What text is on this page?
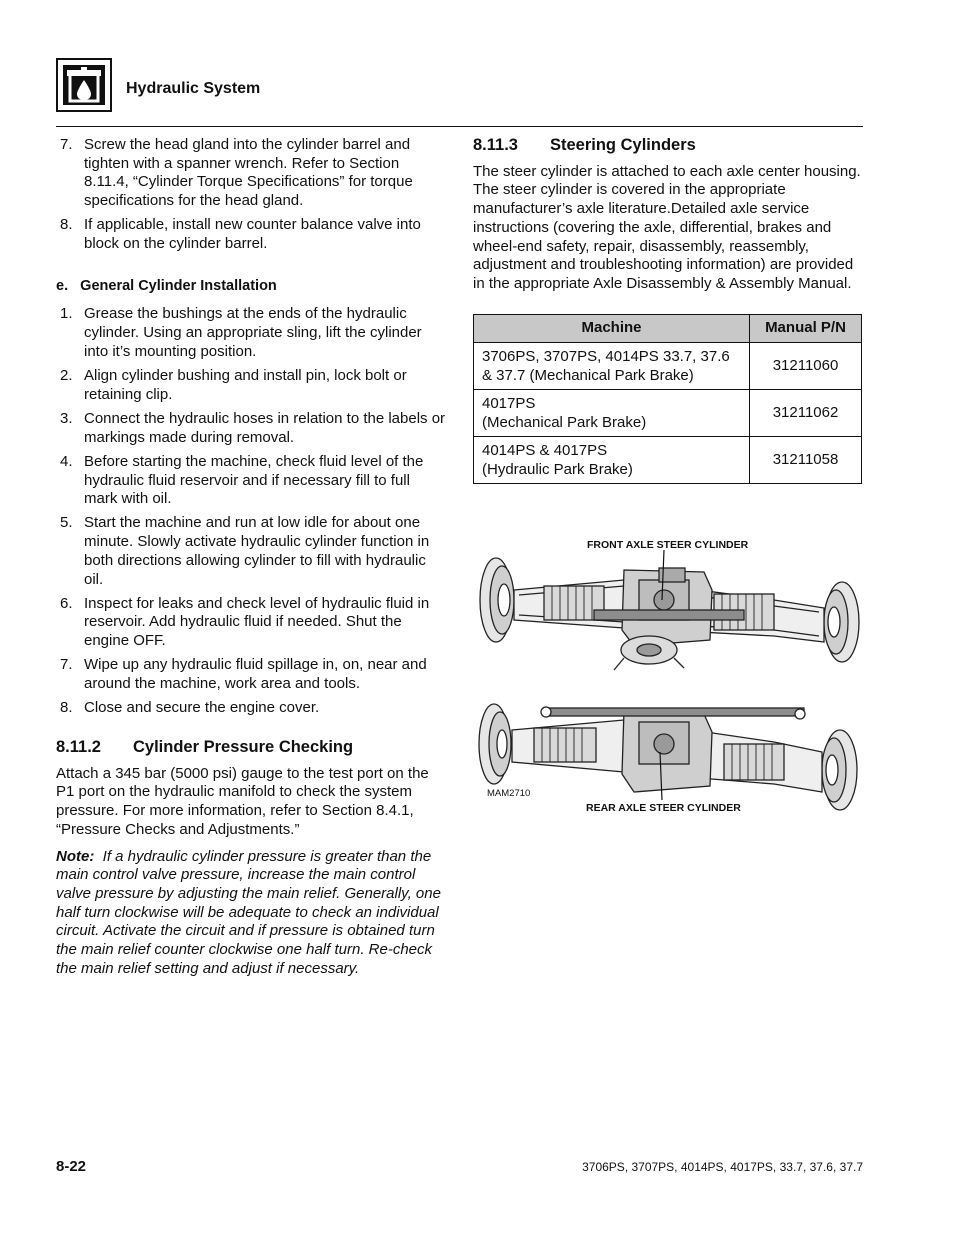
Hydraulic System
7. Screw the head gland into the cylinder barrel and tighten with a spanner wrench. Refer to Section 8.11.4, “Cylinder Torque Specifications” for torque specifications for the head gland.
8. If applicable, install new counter balance valve into block on the cylinder barrel.
e.   General Cylinder Installation
1. Grease the bushings at the ends of the hydraulic cylinder. Using an appropriate sling, lift the cylinder into it’s mounting position.
2. Align cylinder bushing and install pin, lock bolt or retaining clip.
3. Connect the hydraulic hoses in relation to the labels or markings made during removal.
4. Before starting the machine, check fluid level of the hydraulic fluid reservoir and if necessary fill to full mark with oil.
5. Start the machine and run at low idle for about one minute. Slowly activate hydraulic cylinder function in both directions allowing cylinder to fill with hydraulic oil.
6. Inspect for leaks and check level of hydraulic fluid in reservoir. Add hydraulic fluid if needed. Shut the engine OFF.
7. Wipe up any hydraulic fluid spillage in, on, near and around the machine, work area and tools.
8. Close and secure the engine cover.
8.11.2 Cylinder Pressure Checking

Attach a 345 bar (5000 psi) gauge to the test port on the P1 port on the hydraulic manifold to check the system pressure. For more information, refer to Section 8.4.1, “Pressure Checks and Adjustments.”

Note: If a hydraulic cylinder pressure is greater than the main control valve pressure, increase the main control valve pressure by adjusting the main relief. Generally, one half turn clockwise will be adequate to check an individual circuit. Activate the circuit and if pressure is obtained turn the main relief counter clockwise one half turn. Re-check the main relief setting and adjust if necessary.

8.11.3 Steering Cylinders

The steer cylinder is attached to each axle center housing. The steer cylinder is covered in the appropriate manufacturer’s axle literature.Detailed axle service instructions (covering the axle, differential, brakes and wheel-end safety, repair, disassembly, reassembly, adjustment and troubleshooting information) are provided in the appropriate Axle Disassembly & Assembly Manual.

Machine	Manual P/N
3706PS, 3707PS, 4014PS 33.7, 37.6
& 37.7 (Mechanical Park Brake)	31211060
4017PS
(Mechanical Park Brake)	31211062
4014PS & 4017PS
(Hydraulic Park Brake)	31211058
FRONT AXLE STEER CYLINDER
MAM2710
REAR AXLE STEER CYLINDER
8-22	3706PS, 3707PS, 4014PS, 4017PS, 33.7, 37.6, 37.7
